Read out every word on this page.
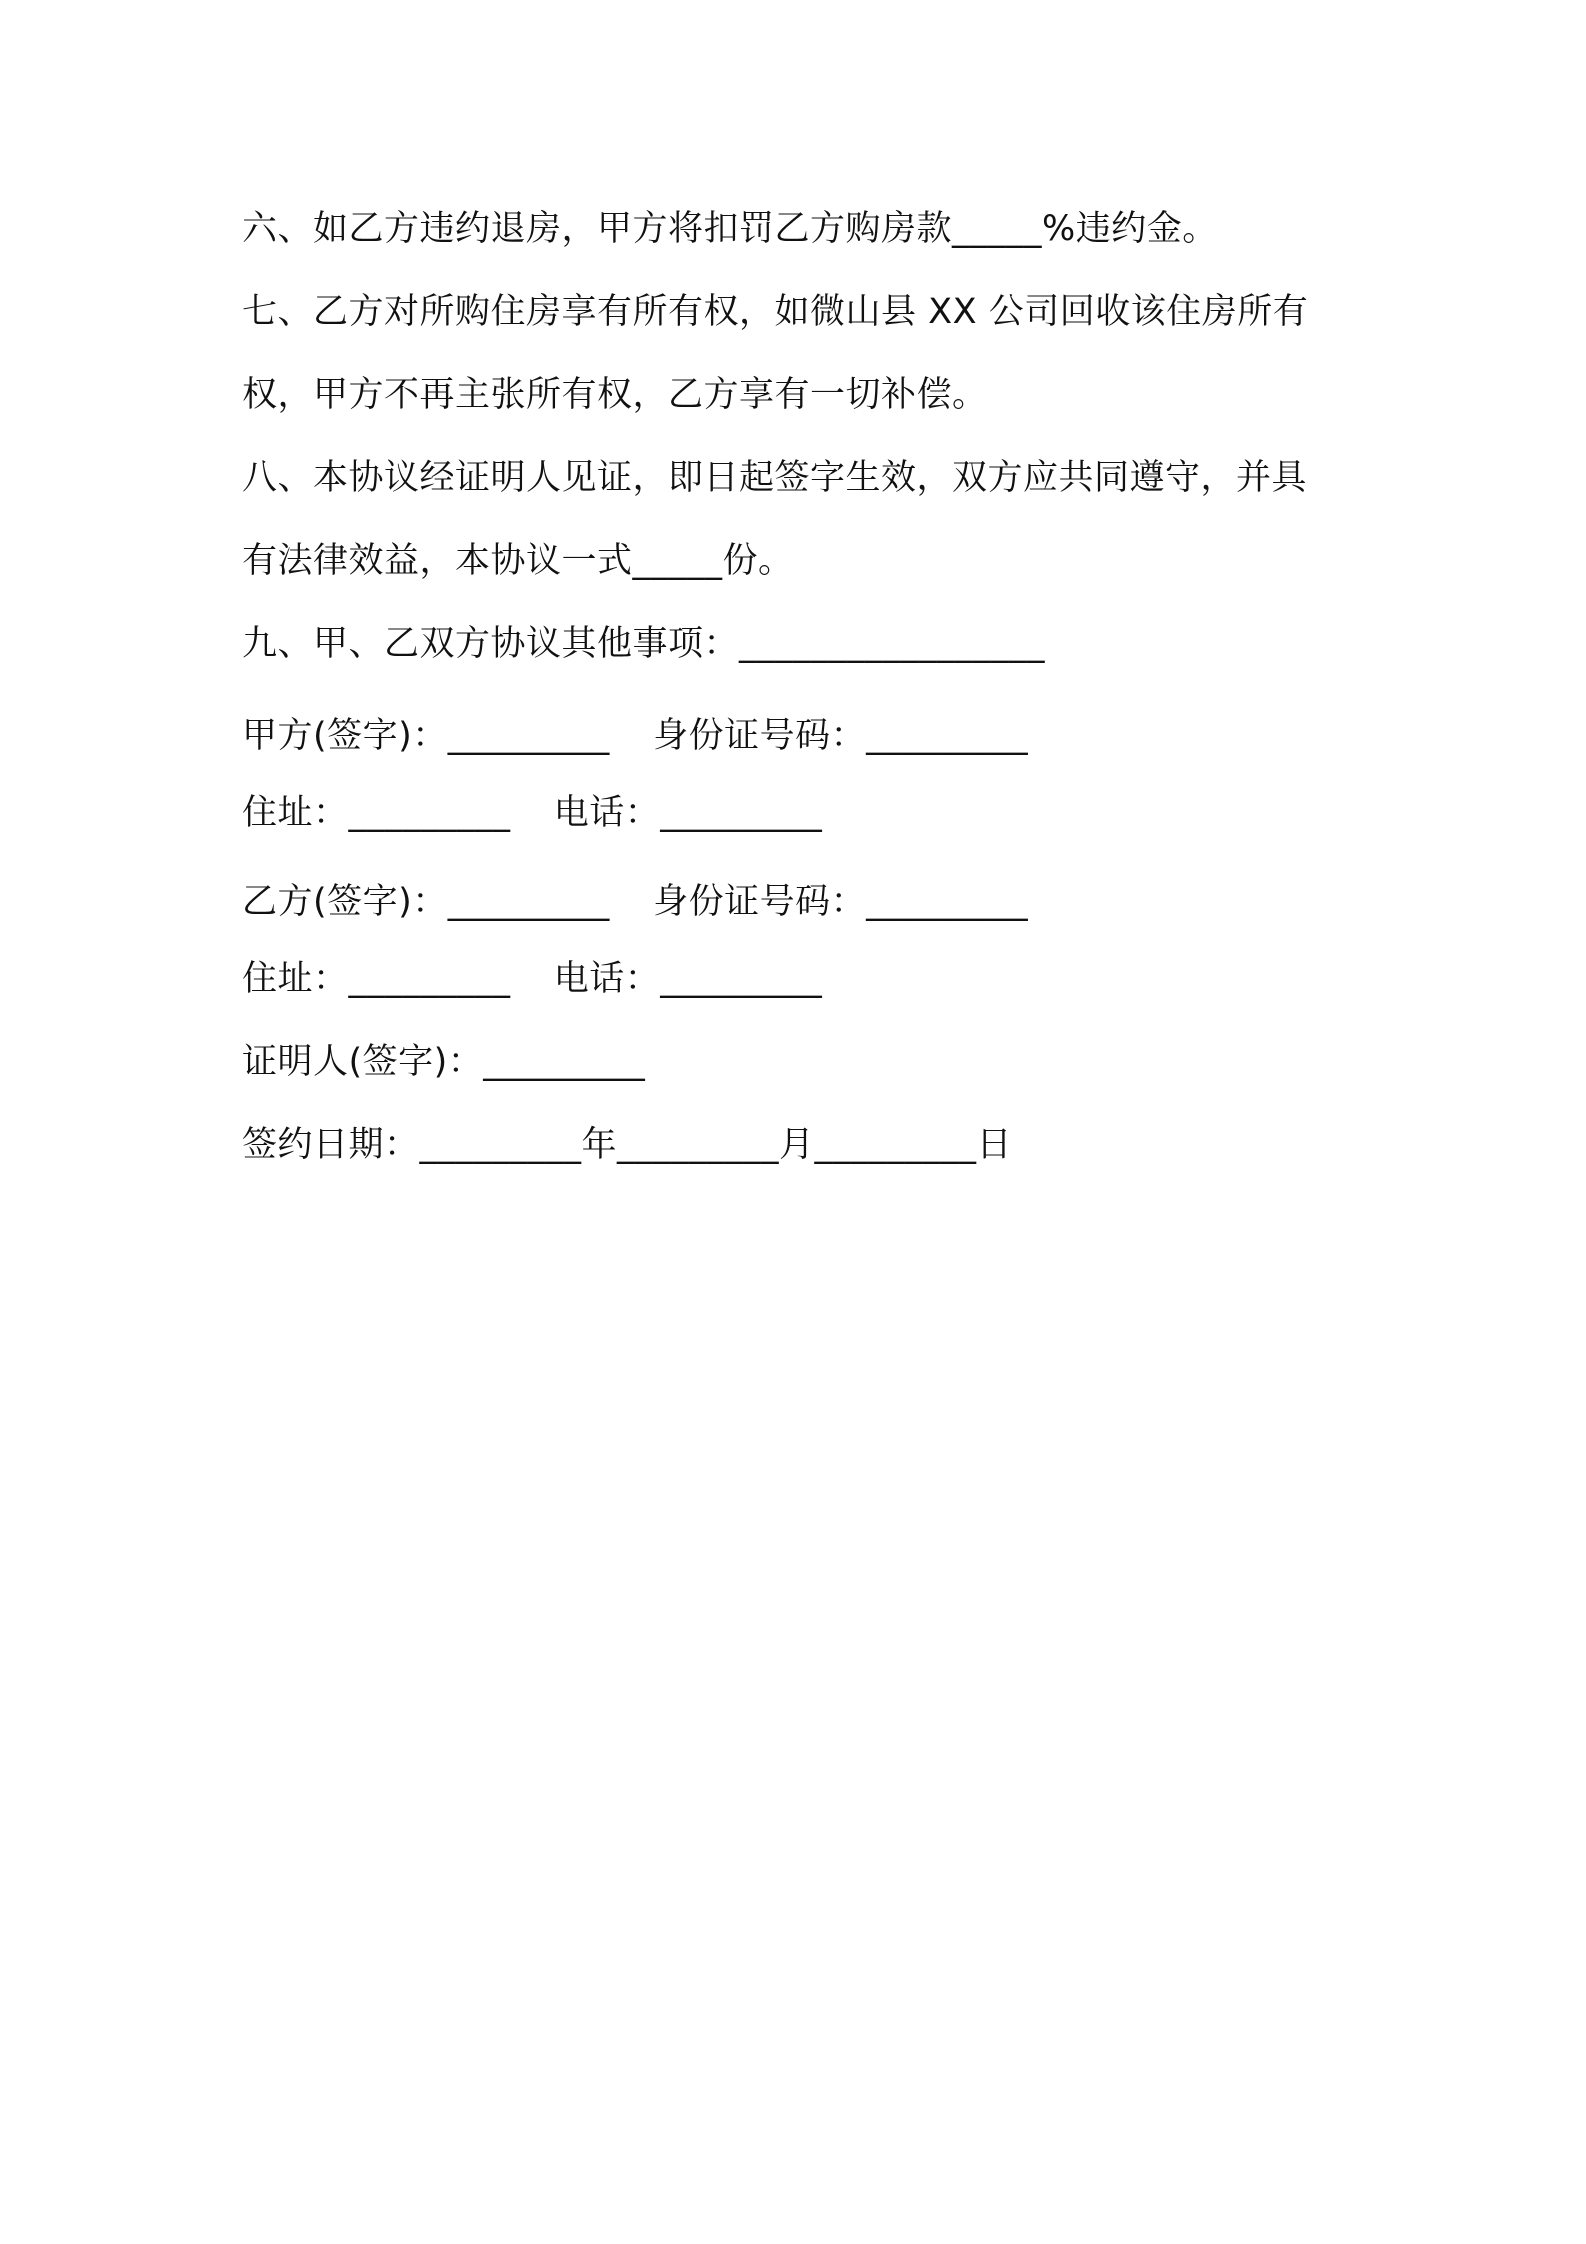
六、如乙方违约退房，甲方将扣罚乙方购房款_____%违约金。
七、乙方对所购住房享有所有权，如微山县 XX 公司回收该住房所有
权，甲方不再主张所有权，乙方享有一切补偿。
八、本协议经证明人见证，即日起签字生效，双方应共同遵守，并具
有法律效益，本协议一式_____份。
九、甲、乙双方协议其他事项：_________________
甲方(签字)：_________ 身份证号码：_________
住址：_________ 电话：_________
乙方(签字)：_________ 身份证号码：_________
住址：_________ 电话：_________
证明人(签字)：_________
签约日期：_________年_________月_________日
